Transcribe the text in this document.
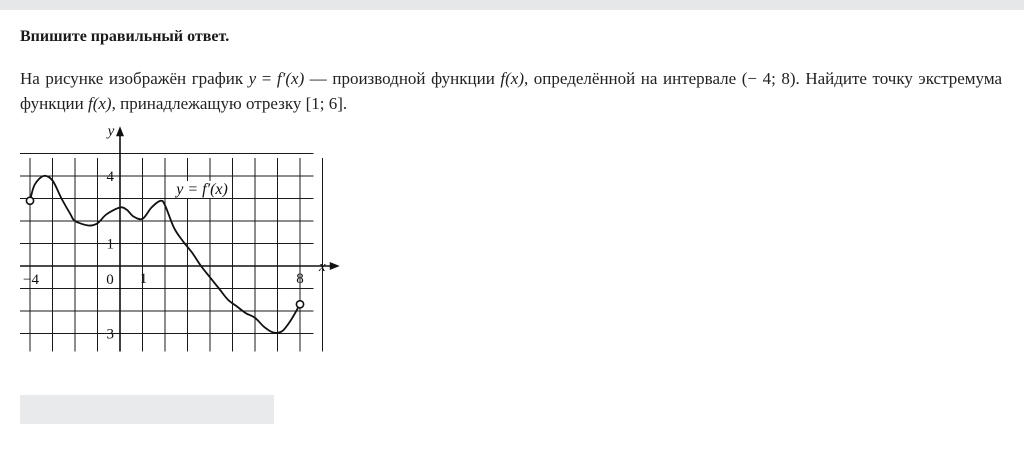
Впишите правильный ответ.
На рисунке изображён график y = f′(x) — производной функции f(x), определённой на интервале (− 4; 8). Найдите точку экстремума функции f(x), принадлежащую отрезку [1; 6].
−4	0 1	8
4
1
−3
x
y
y = f′(x)
